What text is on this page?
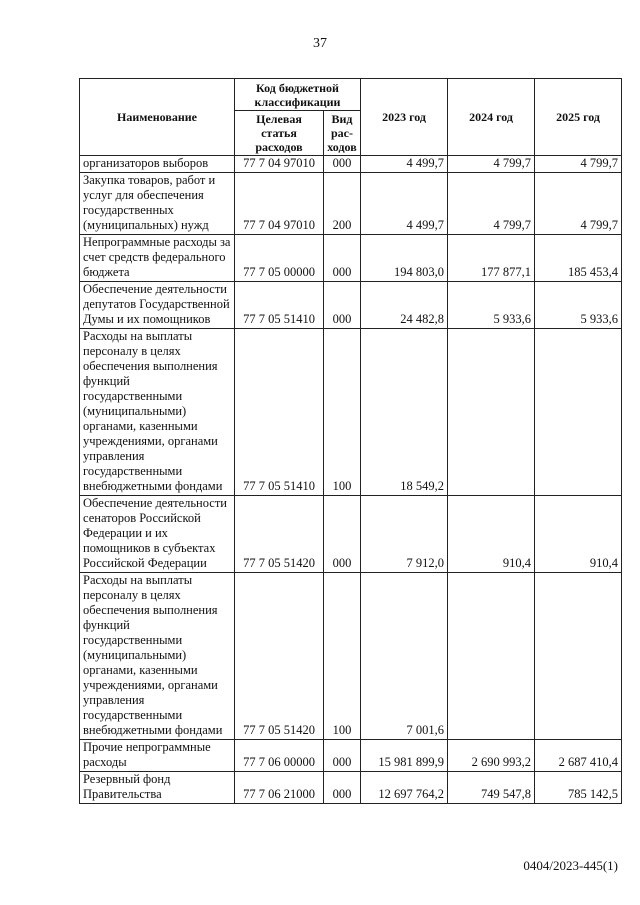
37
Наименование	Код бюджетной классификации		2023 год	2024 год	2025 год
	Целевая статья расходов	Вид рас-ходов			
организаторов выборов	77 7 04 97010	000	4 499,7	4 799,7	4 799,7
Закупка товаров, работ и услуг для обеспечения государственных (муниципальных) нужд	77 7 04 97010	200	4 499,7	4 799,7	4 799,7
Непрограммные расходы за счет средств федерального бюджета	77 7 05 00000	000	194 803,0	177 877,1	185 453,4
Обеспечение деятельности депутатов Государственной Думы и их помощников	77 7 05 51410	000	24 482,8	5 933,6	5 933,6
Расходы на выплаты персоналу в целях обеспечения выполнения функций государственными (муниципальными) органами, казенными учреждениями, органами управления государственными внебюджетными фондами	77 7 05 51410	100	18 549,2		
Обеспечение деятельности сенаторов Российской Федерации и их помощников в субъектах Российской Федерации	77 7 05 51420	000	7 912,0	910,4	910,4
Расходы на выплаты персоналу в целях обеспечения выполнения функций государственными (муниципальными) органами, казенными учреждениями, органами управления государственными внебюджетными фондами	77 7 05 51420	100	7 001,6		
Прочие непрограммные расходы	77 7 06 00000	000	15 981 899,9	2 690 993,2	2 687 410,4
Резервный фонд Правительства	77 7 06 21000	000	12 697 764,2	749 547,8	785 142,5
0404/2023-445(1)
